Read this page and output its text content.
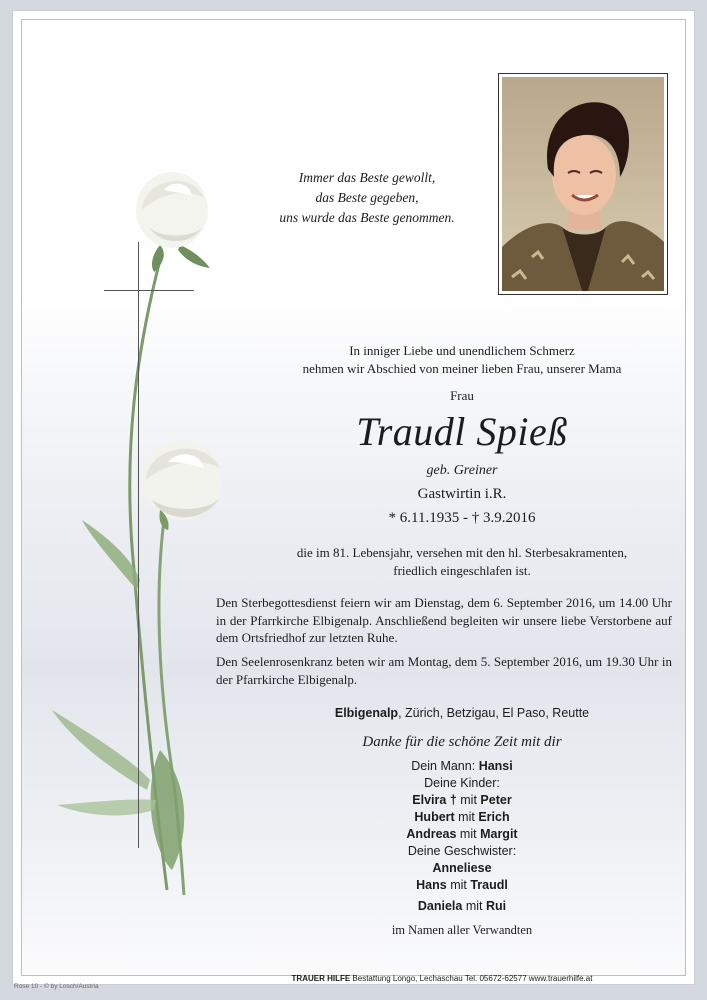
Immer das Beste gewollt,
das Beste gegeben,
uns wurde das Beste genommen.
In inniger Liebe und unendlichem Schmerz
nehmen wir Abschied von meiner lieben Frau, unserer Mama
Frau
Traudl Spieß
geb. Greiner
Gastwirtin i.R.
* 6.11.1935 - † 3.9.2016
die im 81. Lebensjahr, versehen mit den hl. Sterbesakramenten,
friedlich eingeschlafen ist.
Den Sterbegottesdienst feiern wir am Dienstag, dem 6. September 2016, um 14.00 Uhr in der Pfarrkirche Elbigenalp. Anschließend begleiten wir unsere liebe Verstorbene auf dem Ortsfriedhof zur letzten Ruhe.
Den Seelenrosenkranz beten wir am Montag, dem 5. September 2016, um 19.30 Uhr in der Pfarrkirche Elbigenalp.
Elbigenalp, Zürich, Betzigau, El Paso, Reutte
Danke für die schöne Zeit mit dir
Dein Mann: Hansi
Deine Kinder:
Elvira † mit Peter
Hubert mit Erich
Andreas mit Margit
Deine Geschwister:
Anneliese
Hans mit Traudl
Daniela mit Rui
im Namen aller Verwandten
TRAUER HILFE Bestattung Longo, Lechaschau Tel. 05672-62577 www.trauerhilfe.at
Rose 10 - © by Losch/Austria
